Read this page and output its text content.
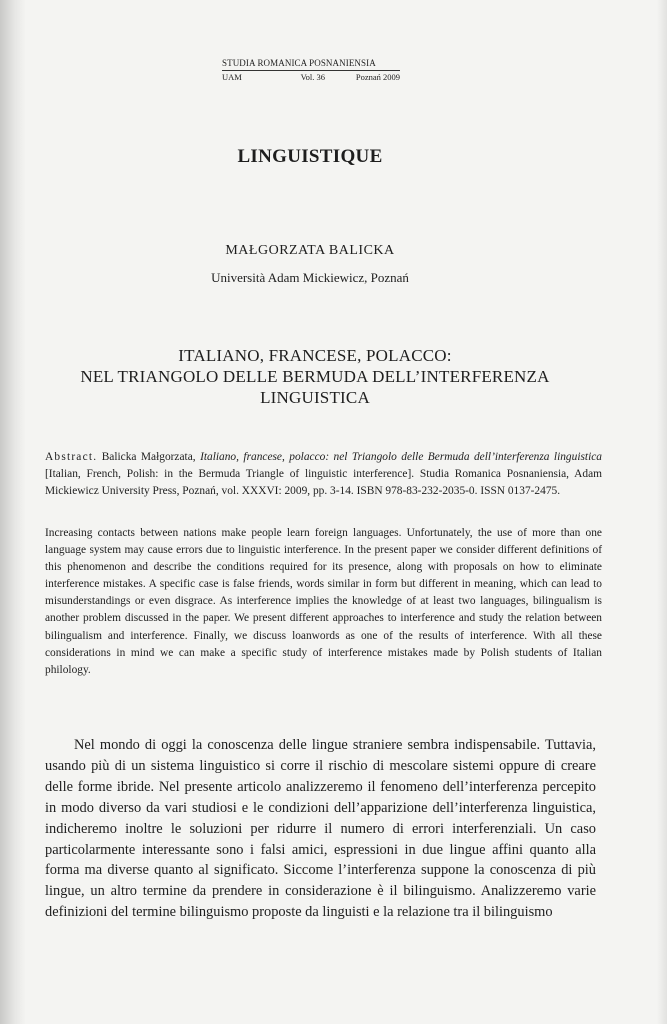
STUDIA ROMANICA POSNANIENSIA
UAM	Vol. 36	Poznań 2009
LINGUISTIQUE
MAŁGORZATA BALICKA
Università Adam Mickiewicz, Poznań
ITALIANO, FRANCESE, POLACCO:
NEL TRIANGOLO DELLE BERMUDA DELL’INTERFERENZA
LINGUISTICA
Abstract. Balicka Małgorzata, Italiano, francese, polacco: nel Triangolo delle Bermuda dell’interferenza linguistica [Italian, French, Polish: in the Bermuda Triangle of linguistic interference]. Studia Romanica Posnaniensia, Adam Mickiewicz University Press, Poznań, vol. XXXVI: 2009, pp. 3-14. ISBN 978-83-232-2035-0. ISSN 0137-2475.
Increasing contacts between nations make people learn foreign languages. Unfortunately, the use of more than one language system may cause errors due to linguistic interference. In the present paper we consider different definitions of this phenomenon and describe the conditions required for its presence, along with proposals on how to eliminate interference mistakes. A specific case is false friends, words similar in form but different in meaning, which can lead to misunderstandings or even disgrace. As interference implies the knowledge of at least two languages, bilingualism is another problem discussed in the paper. We present different approaches to interference and study the relation between bilingualism and interference. Finally, we discuss loanwords as one of the results of interference. With all these considerations in mind we can make a specific study of interference mistakes made by Polish students of Italian philology.
Nel mondo di oggi la conoscenza delle lingue straniere sembra indispensabile. Tuttavia, usando più di un sistema linguistico si corre il rischio di mescolare sistemi oppure di creare delle forme ibride. Nel presente articolo analizzeremo il fenomeno dell’interferenza percepito in modo diverso da vari studiosi e le condizioni dell’apparizione dell’interferenza linguistica, indicheremo inoltre le soluzioni per ridurre il numero di errori interferenziali. Un caso particolarmente interessante sono i falsi amici, espressioni in due lingue affini quanto alla forma ma diverse quanto al significato. Siccome l’interferenza suppone la conoscenza di più lingue, un altro termine da prendere in considerazione è il bilinguismo. Analizzeremo varie definizioni del termine bilinguismo proposte da linguisti e la relazione tra il bilinguismo
